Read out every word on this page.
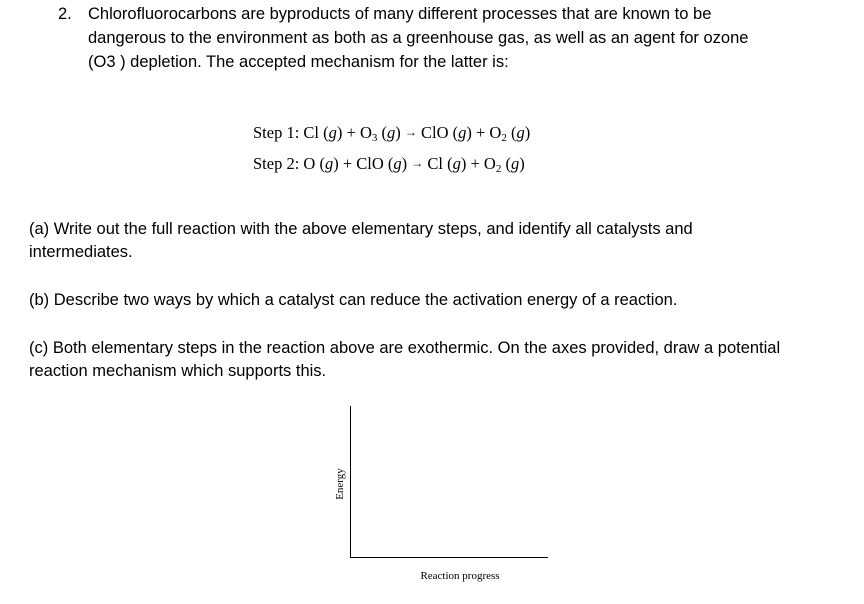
2. Chlorofluorocarbons are byproducts of many different processes that are known to be dangerous to the environment as both as a greenhouse gas, as well as an agent for ozone (O3 ) depletion. The accepted mechanism for the latter is:
Step 1: Cl $(g) + O_3$ (g) → ClO $(g) + O_2$ (g)
Step 2: O (g) + ClO (g) → Cl $(g) + O_2$ (g)
(a) Write out the full reaction with the above elementary steps, and identify all catalysts and intermediates.
(b) Describe two ways by which a catalyst can reduce the activation energy of a reaction.
(c) Both elementary steps in the reaction above are exothermic. On the axes provided, draw a potential reaction mechanism which supports this.
Energy
Reaction progress
